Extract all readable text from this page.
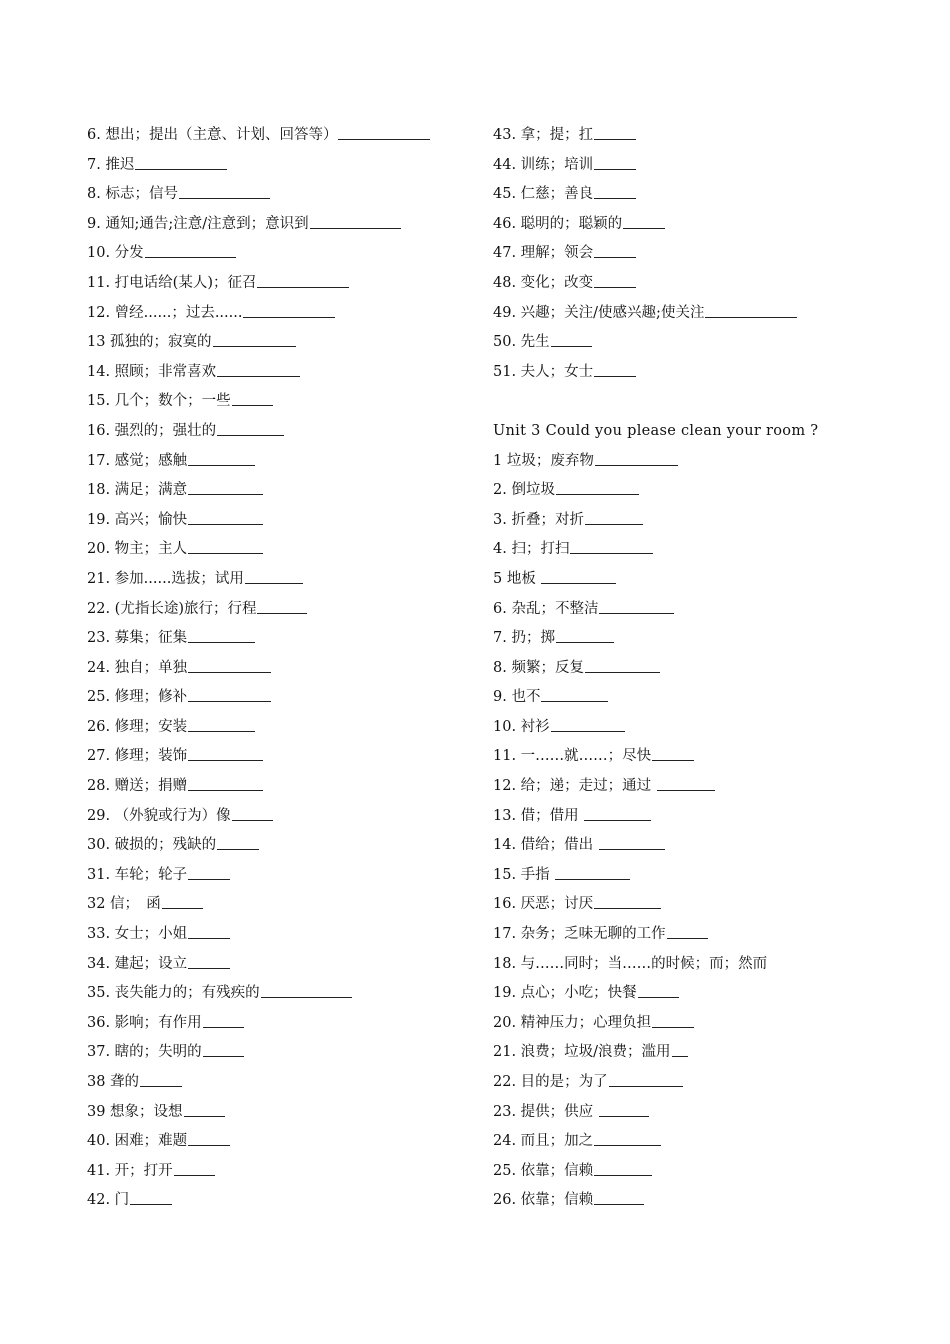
6. 想出；提出（主意、计划、回答等）
7. 推迟
8. 标志；信号
9. 通知;通告;注意/注意到；意识到
10. 分发
11. 打电话给(某人)；征召
12. 曾经......；过去......
13 孤独的；寂寞的
14. 照顾；非常喜欢
15. 几个；数个；一些
16. 强烈的；强壮的
17. 感觉；感触
18. 满足；满意
19. 高兴；愉快
20. 物主；主人
21. 参加......选拔；试用
22. (尤指长途)旅行；行程
23. 募集；征集
24. 独自；单独
25. 修理；修补
26. 修理；安装
27. 修理；装饰
28. 赠送；捐赠
29. （外貌或行为）像
30. 破损的；残缺的
31. 车轮；轮子
32 信；　函
33. 女士；小姐
34. 建起；设立
35. 丧失能力的；有残疾的
36. 影响；有作用
37. 瞎的；失明的
38 聋的
39 想象；设想
40. 困难；难题
41. 开；打开
42. 门
43. 拿；提；扛
44. 训练；培训
45. 仁慈；善良
46. 聪明的；聪颖的
47. 理解；领会
48. 变化；改变
49. 兴趣；关注/使感兴趣;使关注
50. 先生
51. 夫人；女士
Unit 3 Could you please clean your room ?
1 垃圾；废弃物
2. 倒垃圾
3. 折叠；对折
4. 扫；打扫
5 地板
6. 杂乱；不整洁
7. 扔；掷
8. 频繁；反复
9. 也不
10. 衬衫
11. 一……就……；尽快
12. 给；递；走过；通过
13. 借；借用
14. 借给；借出
15. 手指
16. 厌恶；讨厌
17. 杂务；乏味无聊的工作
18. 与……同时；当……的时候；而；然而
19. 点心；小吃；快餐
20. 精神压力；心理负担
21. 浪费；垃圾/浪费；滥用
22. 目的是；为了
23. 提供；供应
24. 而且；加之
25. 依靠；信赖
26. 依靠；信赖
